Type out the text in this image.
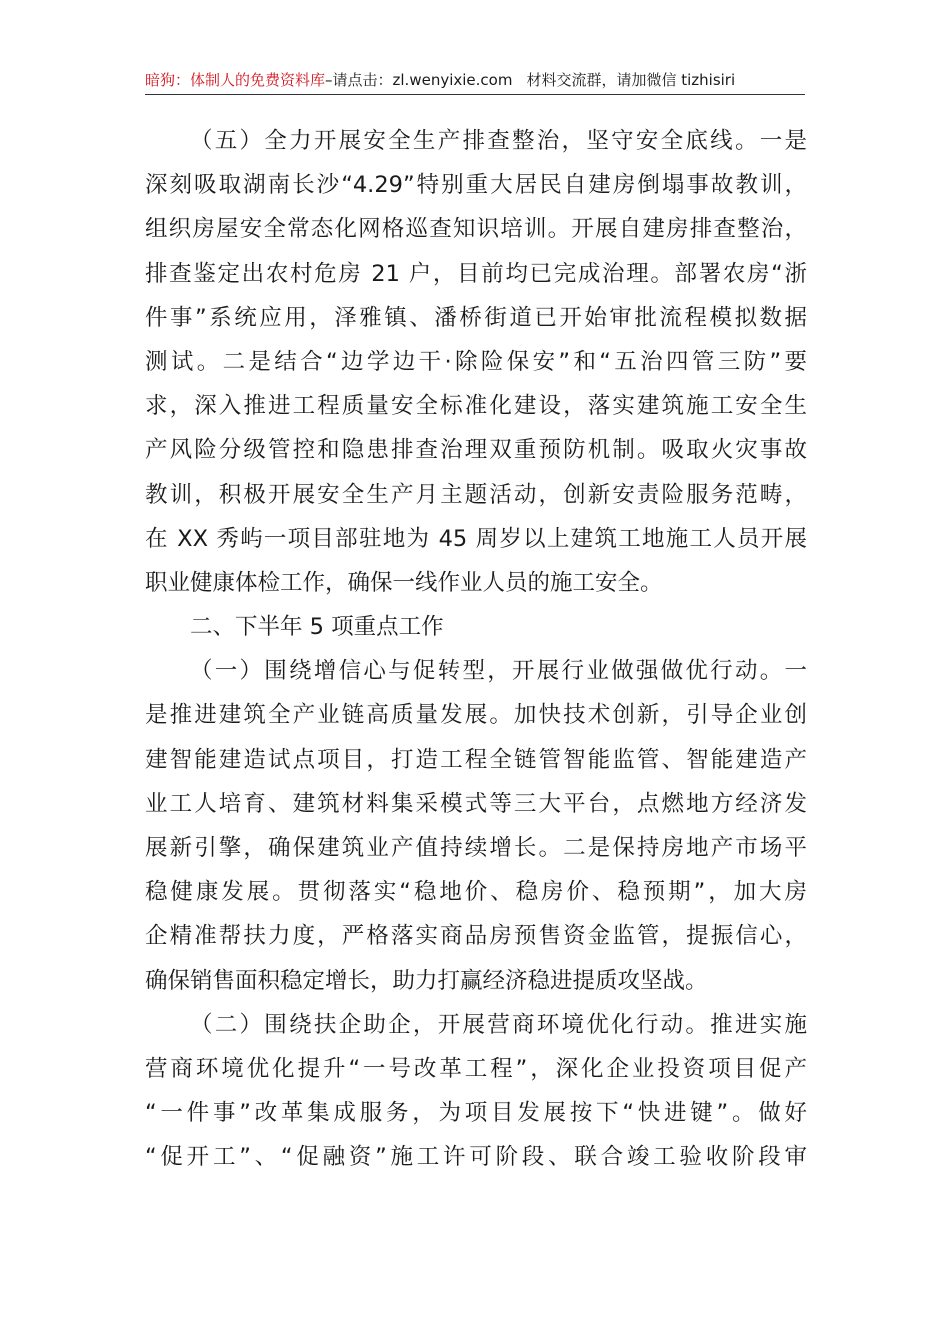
暗狗：体制人的免费资料库–请点击：zl.wenyixie.com 材料交流群，请加微信 tizhisiri
（五）全力开展安全生产排查整治，坚守安全底线。一是
深刻吸取湖南长沙“4.29”特别重大居民自建房倒塌事故教训，
组织房屋安全常态化网格巡查知识培训。开展自建房排查整治，
排查鉴定出农村危房 21 户，目前均已完成治理。部署农房“浙
件事”系统应用，泽雅镇、潘桥街道已开始审批流程模拟数据
测试。二是结合“边学边干·除险保安”和“五治四管三防”要
求，深入推进工程质量安全标准化建设，落实建筑施工安全生
产风险分级管控和隐患排查治理双重预防机制。吸取火灾事故
教训，积极开展安全生产月主题活动，创新安责险服务范畴，
在 XX 秀屿一项目部驻地为 45 周岁以上建筑工地施工人员开展
职业健康体检工作，确保一线作业人员的施工安全。
二、下半年 5 项重点工作
（一）围绕增信心与促转型，开展行业做强做优行动。一
是推进建筑全产业链高质量发展。加快技术创新，引导企业创
建智能建造试点项目，打造工程全链管智能监管、智能建造产
业工人培育、建筑材料集采模式等三大平台，点燃地方经济发
展新引擎，确保建筑业产值持续增长。二是保持房地产市场平
稳健康发展。贯彻落实“稳地价、稳房价、稳预期”，加大房
企精准帮扶力度，严格落实商品房预售资金监管，提振信心，
确保销售面积稳定增长，助力打赢经济稳进提质攻坚战。
（二）围绕扶企助企，开展营商环境优化行动。推进实施
营商环境优化提升“一号改革工程”，深化企业投资项目促产
“一件事”改革集成服务，为项目发展按下“快进键”。做好
“促开工”、“促融资”施工许可阶段、联合竣工验收阶段审
